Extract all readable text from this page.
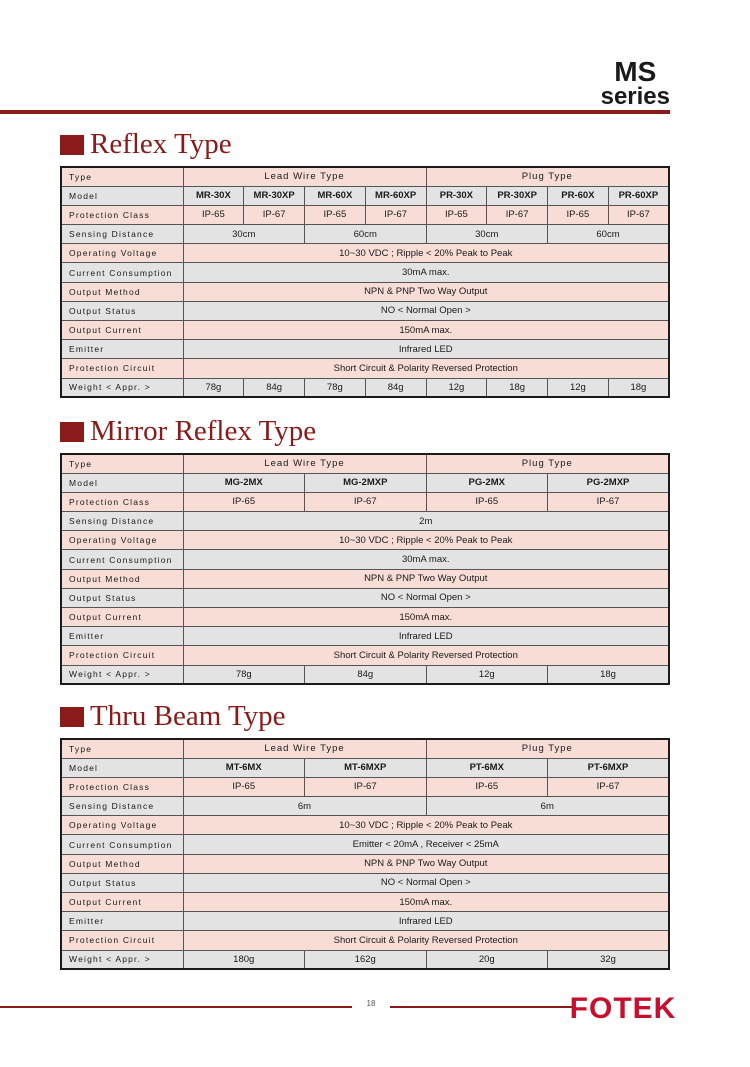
MS
series
Reflex Type
Type	Lead Wire Type				Plug Type			
Model	MR-30X	MR-30XP	MR-60X	MR-60XP	PR-30X	PR-30XP	PR-60X	PR-60XP
Protection Class	IP-65	IP-67	IP-65	IP-67	IP-65	IP-67	IP-65	IP-67
Sensing Distance	30cm		60cm		30cm		60cm	
Operating Voltage	10~30 VDC ; Ripple < 20% Peak to Peak							
Current Consumption	30mA max.							
Output Method	NPN & PNP Two Way Output							
Output Status	NO < Normal Open >							
Output Current	150mA max.							
Emitter	Infrared LED							
Protection Circuit	Short Circuit & Polarity Reversed Protection							
Weight < Appr. >	78g	84g	78g	84g	12g	18g	12g	18g
Mirror Reflex Type
Type	Lead Wire Type		Plug Type	
Model	MG-2MX	MG-2MXP	PG-2MX	PG-2MXP
Protection Class	IP-65	IP-67	IP-65	IP-67
Sensing Distance	2m			
Operating Voltage	10~30 VDC ; Ripple < 20% Peak to Peak			
Current Consumption	30mA max.			
Output Method	NPN & PNP Two Way Output			
Output Status	NO < Normal Open >			
Output Current	150mA max.			
Emitter	Infrared LED			
Protection Circuit	Short Circuit & Polarity Reversed Protection			
Weight < Appr. >	78g	84g	12g	18g
Thru Beam Type
Type	Lead Wire Type		Plug Type	
Model	MT-6MX	MT-6MXP	PT-6MX	PT-6MXP
Protection Class	IP-65	IP-67	IP-65	IP-67
Sensing Distance	6m		6m	
Operating Voltage	10~30 VDC ; Ripple < 20% Peak to Peak			
Current Consumption	Emitter < 20mA , Receiver < 25mA			
Output Method	NPN & PNP Two Way Output			
Output Status	NO < Normal Open >			
Output Current	150mA max.			
Emitter	Infrared LED			
Protection Circuit	Short Circuit & Polarity Reversed Protection			
Weight < Appr. >	180g	162g	20g	32g
18	FOTEK
